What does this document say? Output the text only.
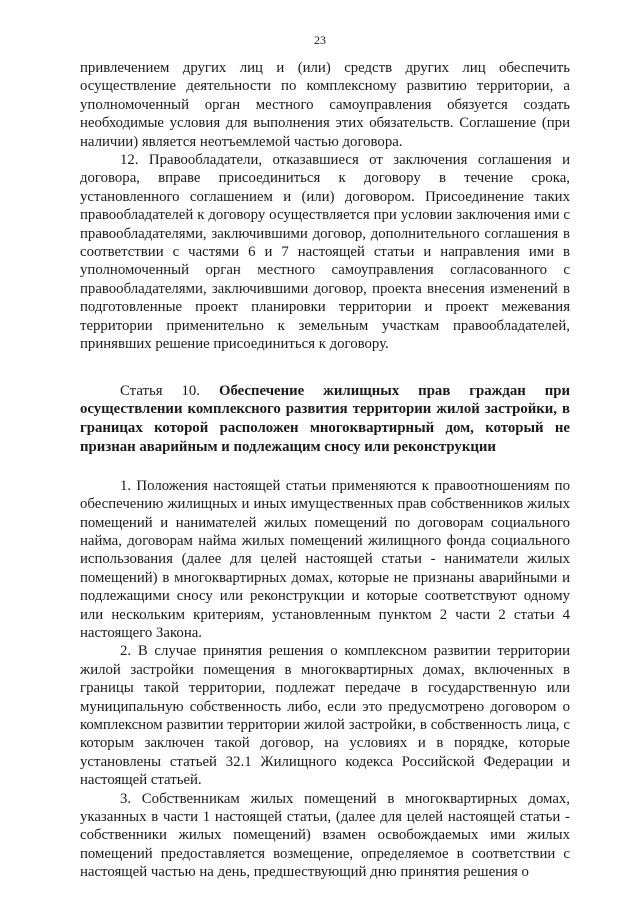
23

привлечением других лиц и (или) средств других лиц обеспечить осуществление деятельности по комплексному развитию территории, а уполномоченный орган местного самоуправления обязуется создать необходимые условия для выполнения этих обязательств. Соглашение (при наличии) является неотъемлемой частью договора.

12. Правообладатели, отказавшиеся от заключения соглашения и договора, вправе присоединиться к договору в течение срока, установленного соглашением и (или) договором. Присоединение таких правообладателей к договору осуществляется при условии заключения ими с правообладателями, заключившими договор, дополнительного соглашения в соответствии с частями 6 и 7 настоящей статьи и направления ими в уполномоченный орган местного самоуправления согласованного с правообладателями, заключившими договор, проекта внесения изменений в подготовленные проект планировки территории и проект межевания территории применительно к земельным участкам правообладателей, принявших решение присоединиться к договору.

Статья 10. Обеспечение жилищных прав граждан при осуществлении комплексного развития территории жилой застройки, в границах которой расположен многоквартирный дом, который не признан аварийным и подлежащим сносу или реконструкции

1. Положения настоящей статьи применяются к правоотношениям по обеспечению жилищных и иных имущественных прав собственников жилых помещений и нанимателей жилых помещений по договорам социального найма, договорам найма жилых помещений жилищного фонда социального использования (далее для целей настоящей статьи - наниматели жилых помещений) в многоквартирных домах, которые не признаны аварийными и подлежащими сносу или реконструкции и которые соответствуют одному или нескольким критериям, установленным пунктом 2 части 2 статьи 4 настоящего Закона.

2. В случае принятия решения о комплексном развитии территории жилой застройки помещения в многоквартирных домах, включенных в границы такой территории, подлежат передаче в государственную или муниципальную собственность либо, если это предусмотрено договором о комплексном развитии территории жилой застройки, в собственность лица, с которым заключен такой договор, на условиях и в порядке, которые установлены статьей 32.1 Жилищного кодекса Российской Федерации и настоящей статьей.

3. Собственникам жилых помещений в многоквартирных домах, указанных в части 1 настоящей статьи, (далее для целей настоящей статьи - собственники жилых помещений) взамен освобождаемых ими жилых помещений предоставляется возмещение, определяемое в соответствии с настоящей частью на день, предшествующий дню принятия решения о
